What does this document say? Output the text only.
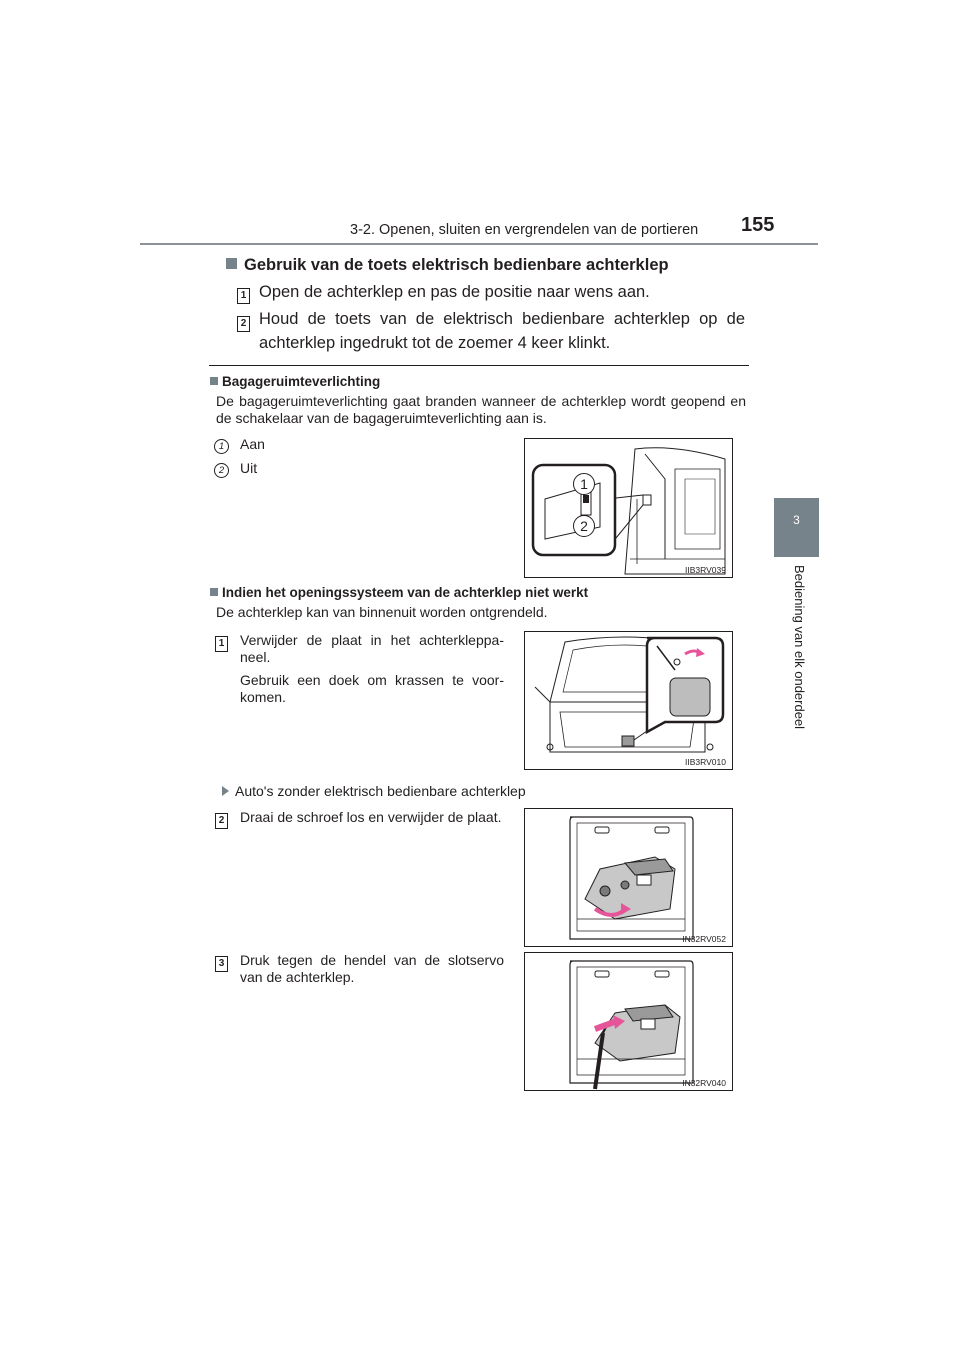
3-2. Openen, sluiten en vergrendelen van de portieren 155
3
Bediening van elk onderdeel
Gebruik van de toets elektrisch bedienbare achterklep
1 Open de achterklep en pas de positie naar wens aan.
2 Houd de toets van de elektrisch bedienbare achterklep op de achterklep ingedrukt tot de zoemer 4 keer klinkt.
Bagageruimteverlichting
De bagageruimteverlichting gaat branden wanneer de achterklep wordt geopend en de schakelaar van de bagageruimteverlichting aan is.
1	Aan
2	Uit
1
2
IIB3RV039
Indien het openingssysteem van de achterklep niet werkt
De achterklep kan van binnenuit worden ontgrendeld.
1 Verwijder de plaat in het achterkleppa-neel.
Gebruik een doek om krassen te voor-komen.
IIB3RV010
Auto's zonder elektrisch bedienbare achterklep
2 Draai de schroef los en verwijder de plaat.
IN32RV052
3 Druk tegen de hendel van de slotservo van de achterklep.
IN32RV040
